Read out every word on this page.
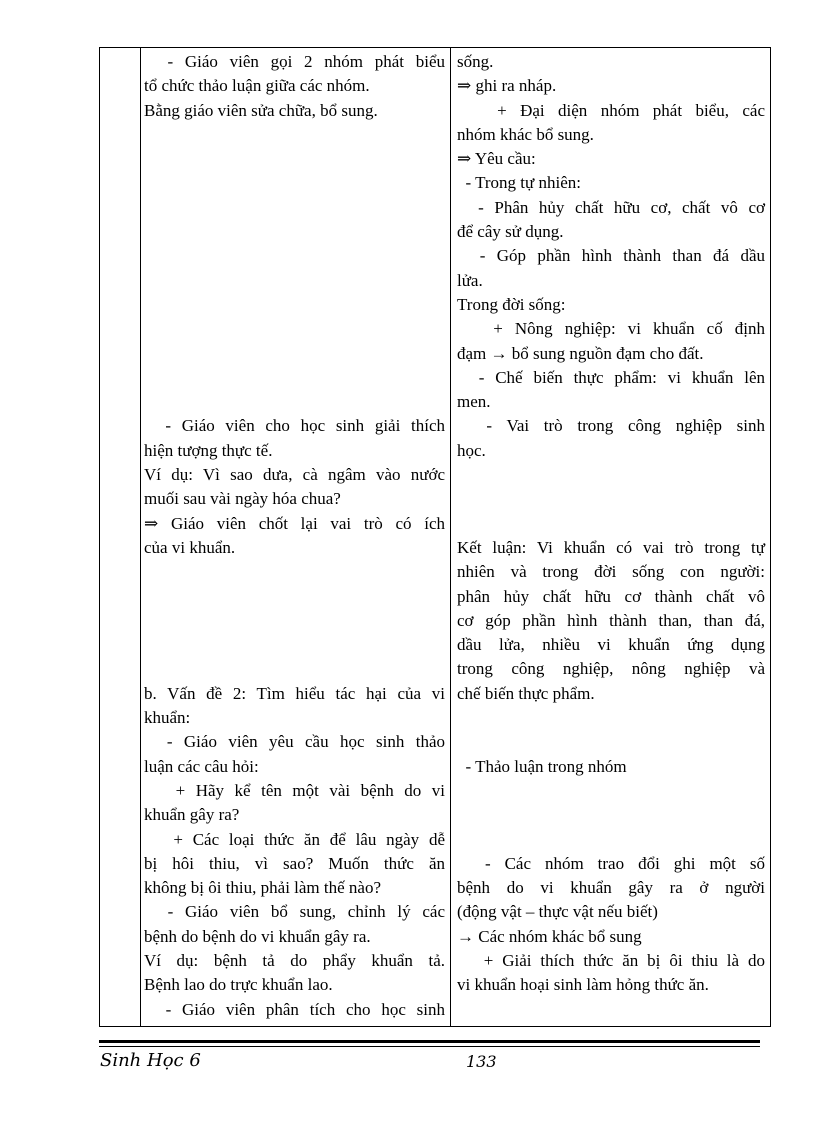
- Giáo viên gọi 2 nhóm phát biểu
tổ chức thảo luận giữa các nhóm.
Bằng giáo viên sửa chữa, bổ sung.
- Giáo viên cho học sinh giải thích
hiện tượng thực tế.
Ví dụ: Vì sao dưa, cà ngâm vào nước
muối sau vài ngày hóa chua?
⇒ Giáo viên chốt lại vai trò có ích
của vi khuẩn.
b. Vấn đề 2: Tìm hiểu tác hại của vi
khuẩn:
- Giáo viên yêu cầu học sinh thảo
luận các câu hỏi:
+ Hãy kể tên một vài bệnh do vi
khuẩn gây ra?
+ Các loại thức ăn để lâu ngày dễ
bị hôi thiu, vì sao? Muốn thức ăn
không bị ôi thiu, phải làm thế nào?
- Giáo viên bổ sung, chỉnh lý các
bệnh do bệnh do vi khuẩn gây ra.
Ví dụ: bệnh tả do phẩy khuẩn tả.
Bệnh lao do trực khuẩn lao.
- Giáo viên phân tích cho học sinh
sống.
⇒ ghi ra nháp.
+ Đại diện nhóm phát biểu, các
nhóm khác bổ sung.
⇒ Yêu cầu:
- Trong tự nhiên:
- Phân hủy chất hữu cơ, chất vô cơ
để cây sử dụng.
- Góp phần hình thành than đá dầu
lửa.
Trong đời sống:
+ Nông nghiệp: vi khuẩn cố định
đạm → bổ sung nguồn đạm cho đất.
- Chế biến thực phẩm: vi khuẩn lên
men.
- Vai trò trong công nghiệp sinh
học.
Kết luận: Vi khuẩn có vai trò trong tự
nhiên và trong đời sống con người:
phân hủy chất hữu cơ thành chất vô
cơ góp phần hình thành than, than đá,
dầu lửa, nhiều vi khuẩn ứng dụng
trong công nghiệp, nông nghiệp và
chế biến thực phẩm.
- Thảo luận trong nhóm
- Các nhóm trao đổi ghi một số
bệnh do vi khuẩn gây ra ở người
(động vật – thực vật nếu biết)
→ Các nhóm khác bổ sung
+ Giải thích thức ăn bị ôi thiu là do
vi khuẩn hoại sinh làm hỏng thức ăn.
Sinh Học 6	133
